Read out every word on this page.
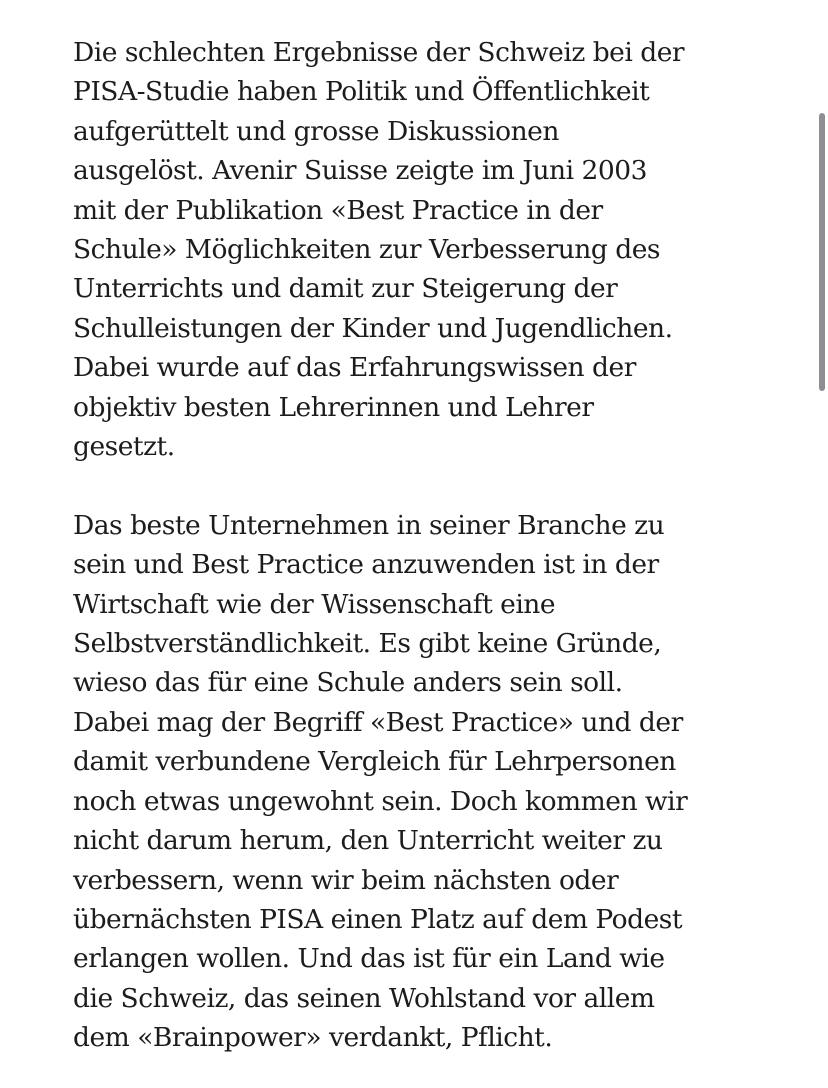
Die schlechten Ergebnisse der Schweiz bei der
PISA-Studie haben Politik und Öffentlichkeit
aufgerüttelt und grosse Diskussionen
ausgelöst. Avenir Suisse zeigte im Juni 2003
mit der Publikation «Best Practice in der
Schule» Möglichkeiten zur Verbesserung des
Unterrichts und damit zur Steigerung der
Schulleistungen der Kinder und Jugendlichen.
Dabei wurde auf das Erfahrungswissen der
objektiv besten Lehrerinnen und Lehrer
gesetzt.

Das beste Unternehmen in seiner Branche zu
sein und Best Practice anzuwenden ist in der
Wirtschaft wie der Wissenschaft eine
Selbstverständlichkeit. Es gibt keine Gründe,
wieso das für eine Schule anders sein soll.
Dabei mag der Begriff «Best Practice» und der
damit verbundene Vergleich für Lehrpersonen
noch etwas ungewohnt sein. Doch kommen wir
nicht darum herum, den Unterricht weiter zu
verbessern, wenn wir beim nächsten oder
übernächsten PISA einen Platz auf dem Podest
erlangen wollen. Und das ist für ein Land wie
die Schweiz, das seinen Wohlstand vor allem
dem «Brainpower» verdankt, Pflicht.
